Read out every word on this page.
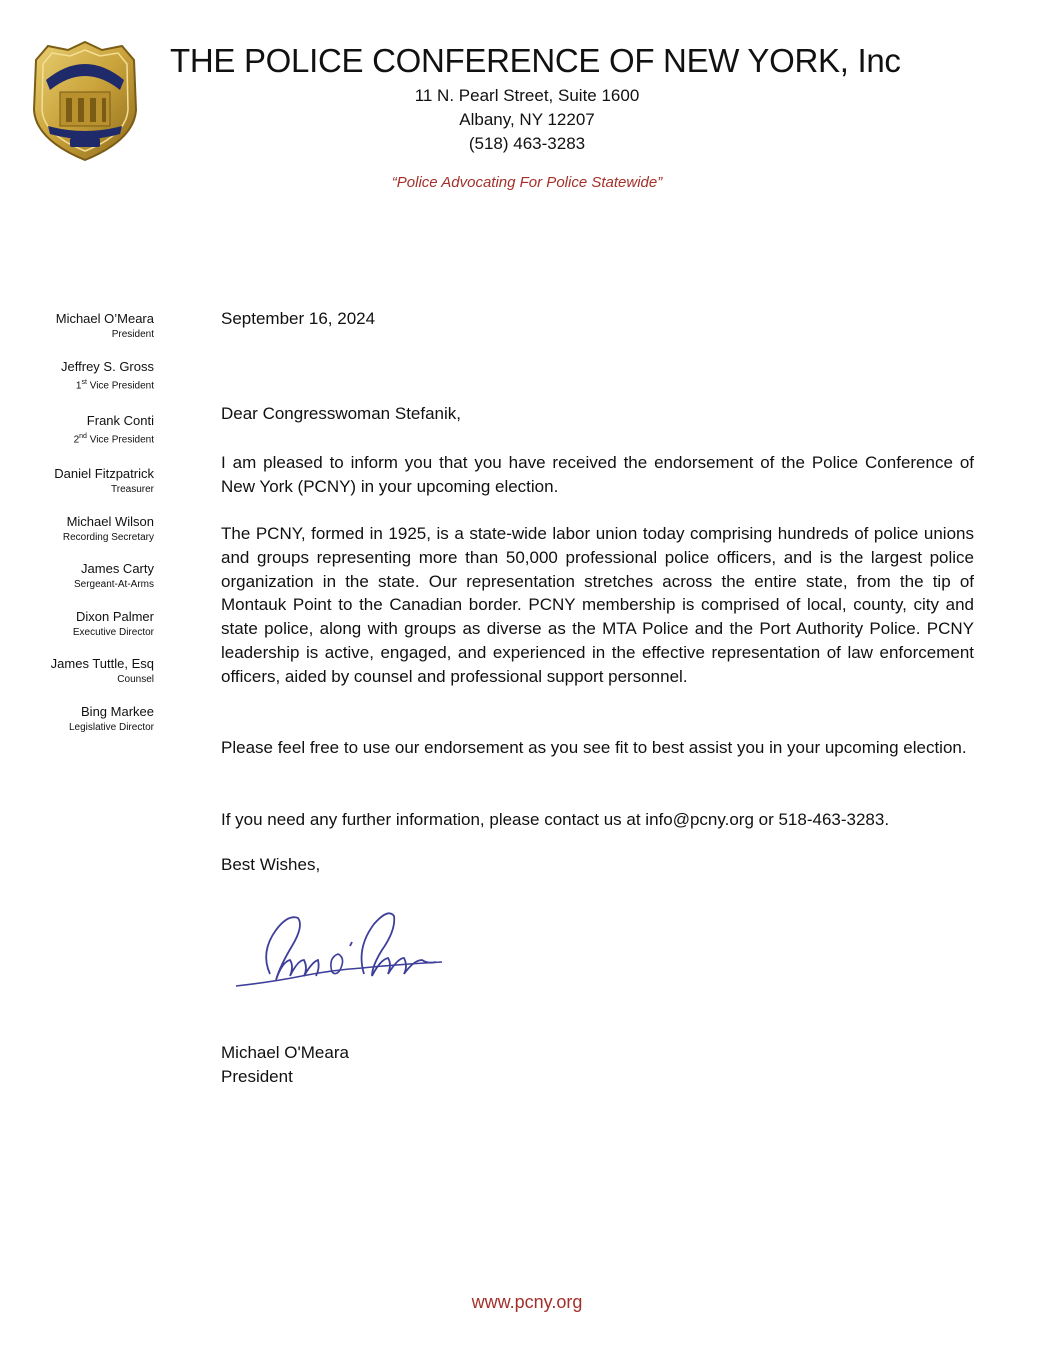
THE POLICE CONFERENCE OF NEW YORK, Inc
11 N. Pearl Street, Suite 1600
Albany, NY 12207
(518) 463-3283
“Police Advocating For Police Statewide”
Michael O’Meara
President
Jeffrey S. Gross
1st Vice President
Frank Conti
2nd Vice President
Daniel Fitzpatrick
Treasurer
Michael Wilson
Recording Secretary
James Carty
Sergeant-At-Arms
Dixon Palmer
Executive Director
James Tuttle, Esq
Counsel
Bing Markee
Legislative Director
September 16, 2024
Dear Congresswoman Stefanik,
I am pleased to inform you that you have received the endorsement of the Police Conference of New York (PCNY) in your upcoming election.
The PCNY, formed in 1925, is a state-wide labor union today comprising hundreds of police unions and groups representing more than 50,000 professional police officers, and is the largest police organization in the state. Our representation stretches across the entire state, from the tip of Montauk Point to the Canadian border. PCNY membership is comprised of local, county, city and state police, along with groups as diverse as the MTA Police and the Port Authority Police. PCNY leadership is active, engaged, and experienced in the effective representation of law enforcement officers, aided by counsel and professional support personnel.
Please feel free to use our endorsement as you see fit to best assist you in your upcoming election.
If you need any further information, please contact us at info@pcny.org or 518-463-3283.
Best Wishes,
Michael O'Meara
President
www.pcny.org
